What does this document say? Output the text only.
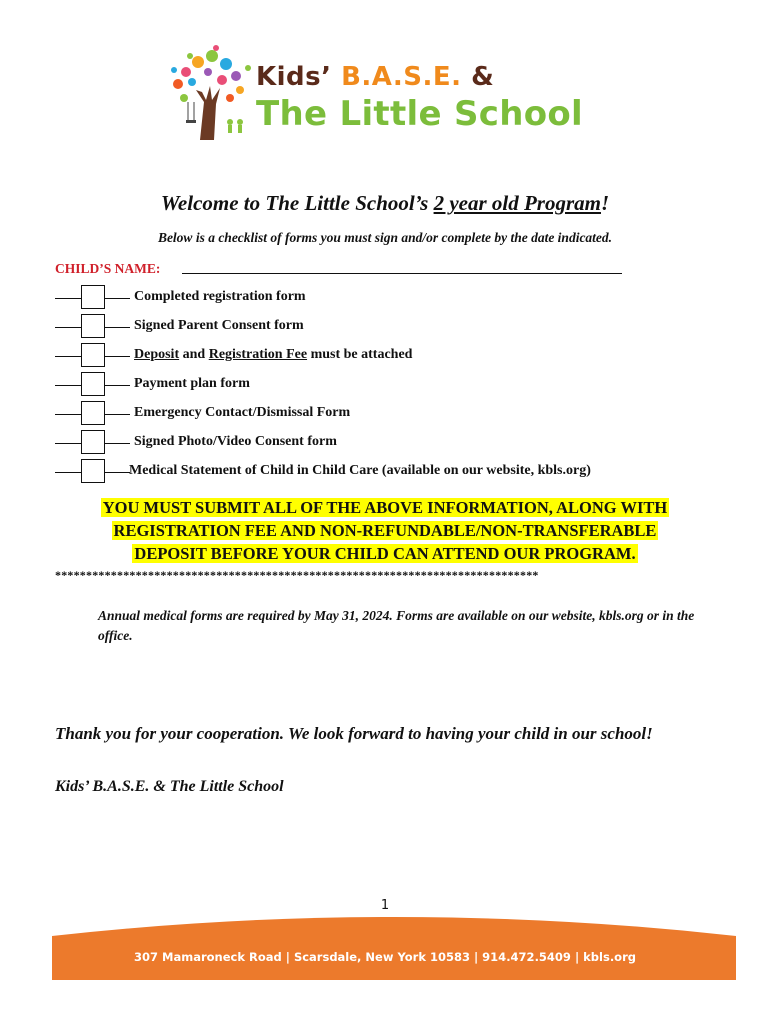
Kids’ B.A.S.E. &
The Little School
Welcome to The Little School’s 2 year old Program!
Below is a checklist of forms you must sign and/or complete by the date indicated.
CHILD’S NAME:
Completed registration form
Signed Parent Consent form
Deposit and Registration Fee must be attached
Payment plan form
Emergency Contact/Dismissal Form
Signed Photo/Video Consent form
Medical Statement of Child in Child Care (available on our website, kbls.org)
YOU MUST SUBMIT ALL OF THE ABOVE INFORMATION, ALONG WITH
REGISTRATION FEE AND NON-REFUNDABLE/NON-TRANSFERABLE
DEPOSIT BEFORE YOUR CHILD CAN ATTEND OUR PROGRAM.
******************************************************************************
Annual medical forms are required by May 31, 2024. Forms are available on our website, kbls.org or in the office.
Thank you for your cooperation. We look forward to having your child in our school!
Kids’ B.A.S.E. & The Little School
1
307 Mamaroneck Road | Scarsdale, New York 10583 | 914.472.5409 | kbls.org
